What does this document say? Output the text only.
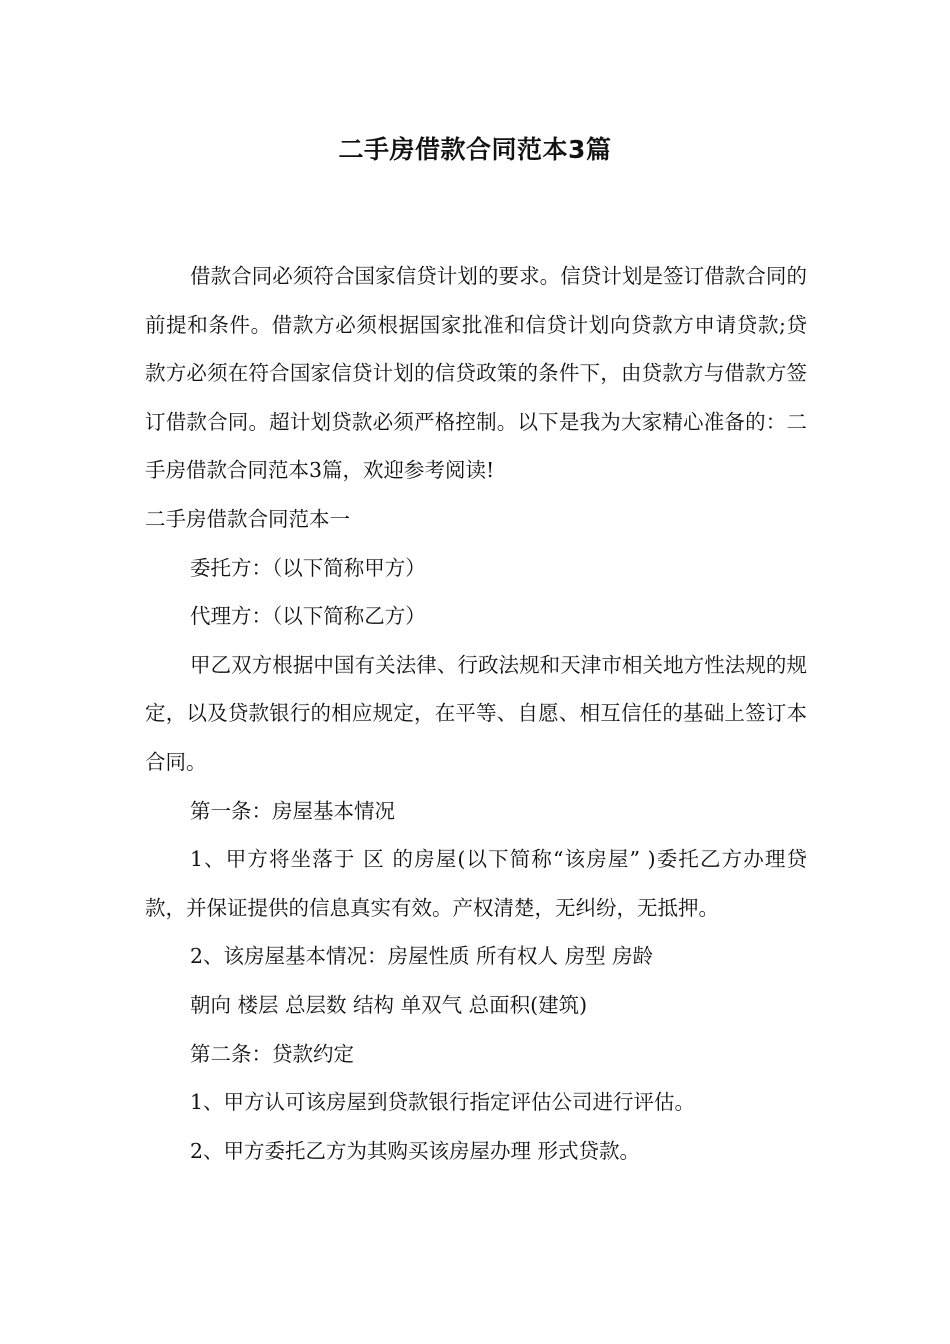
二手房借款合同范本3篇

借款合同必须符合国家信贷计划的要求。信贷计划是签订借款合同的前提和条件。借款方必须根据国家批准和信贷计划向贷款方申请贷款;贷款方必须在符合国家信贷计划的信贷政策的条件下，由贷款方与借款方签订借款合同。超计划贷款必须严格控制。以下是我为大家精心准备的：二手房借款合同范本3篇，欢迎参考阅读!

二手房借款合同范本一

委托方：（以下简称甲方）

代理方：（以下简称乙方）

甲乙双方根据中国有关法律、行政法规和天津市相关地方性法规的规定，以及贷款银行的相应规定，在平等、自愿、相互信任的基础上签订本合同。

第一条：房屋基本情况

1、甲方将坐落于 区 的房屋(以下简称“该房屋” )委托乙方办理贷款，并保证提供的信息真实有效。产权清楚，无纠纷，无抵押。

2、该房屋基本情况：房屋性质 所有权人 房型 房龄

朝向 楼层 总层数 结构 单双气 总面积(建筑)

第二条：贷款约定

1、甲方认可该房屋到贷款银行指定评估公司进行评估。

2、甲方委托乙方为其购买该房屋办理 形式贷款。
